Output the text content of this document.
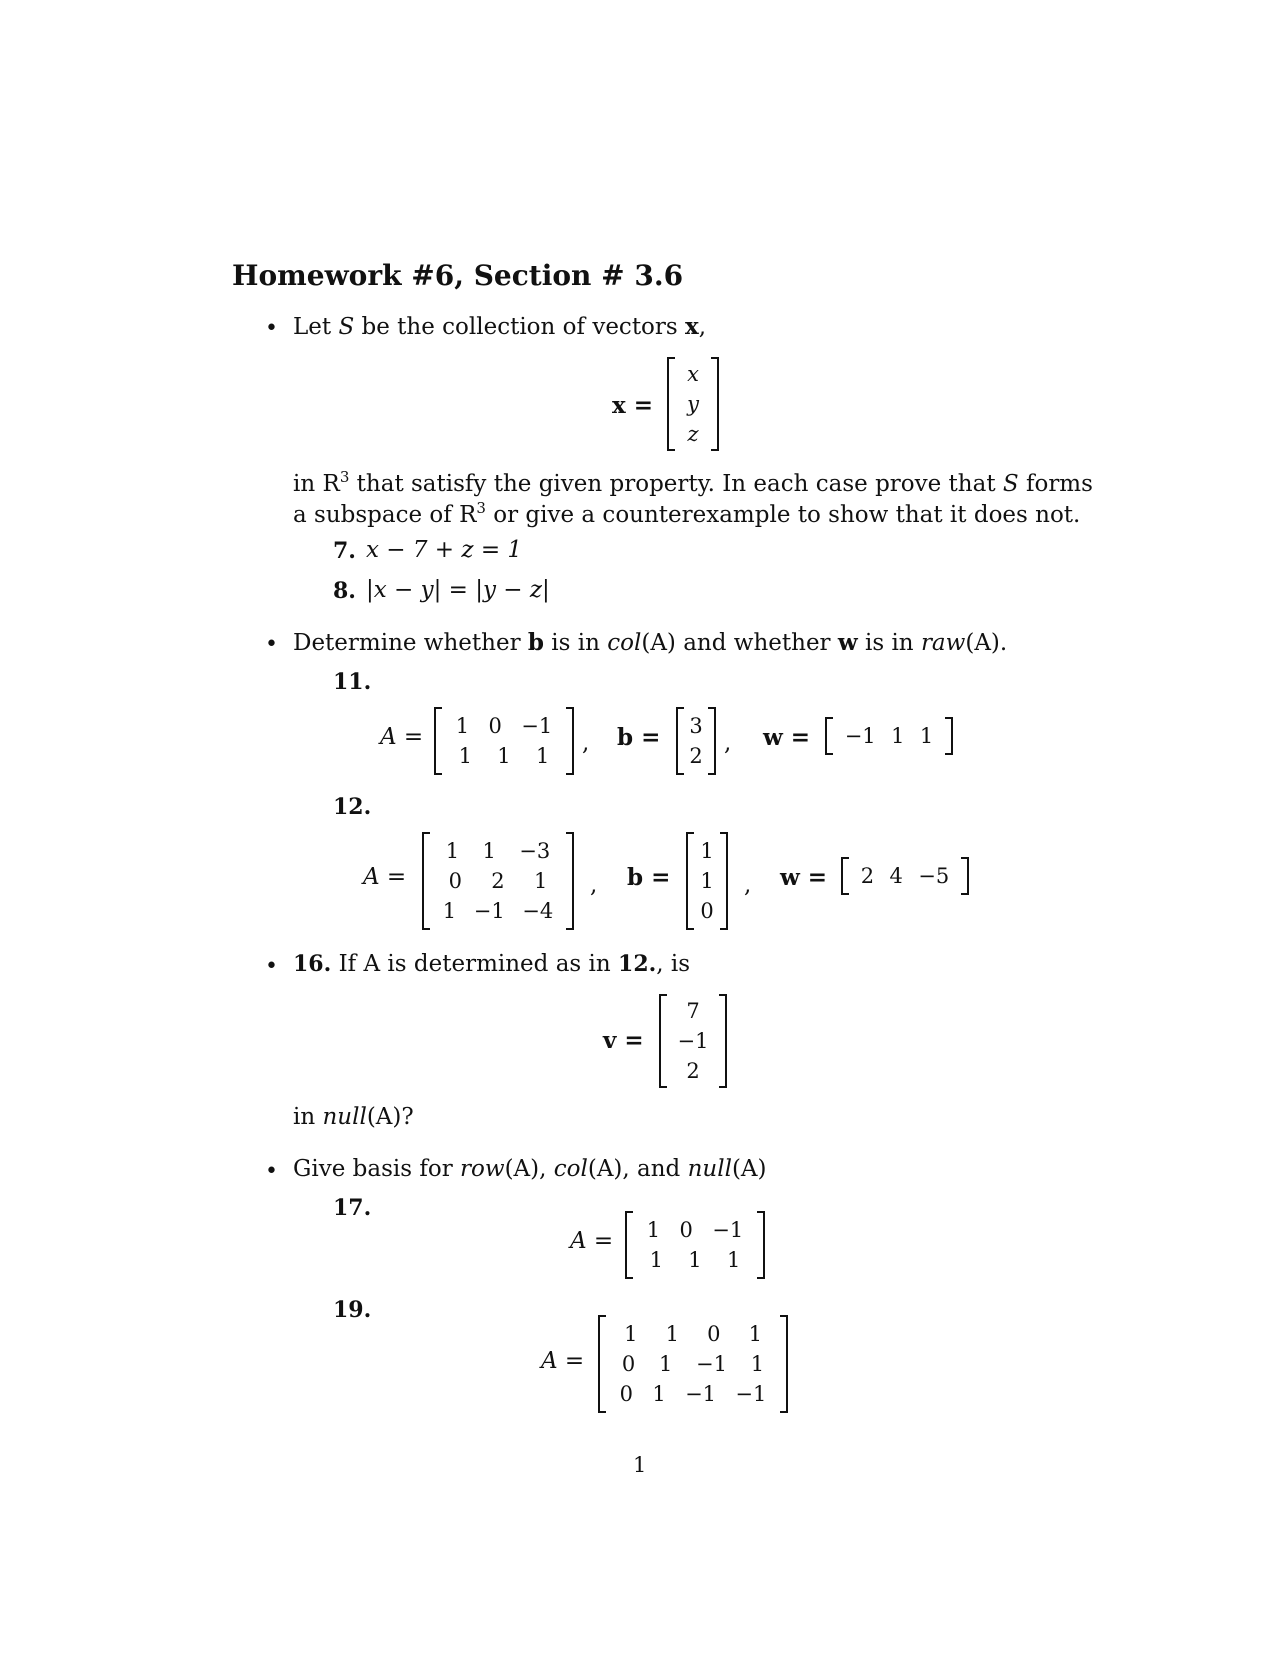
Homework #6, Section # 3.6
• Let S be the collection of vectors x,
x =
x
y
z
in $R^3$ that satisfy the given property. In each case prove that S forms
a subspace of $R^3$ or give a counterexample to show that it does not.
7. x − 7 + z = 1
8. |x − y| = |y − z|
• Determine whether b is in col(A) and whether w is in raw(A).
11.
A = 1 0 −1
1 1 1 , b = 3
2 , w = −1 1 1
12.
A =
1 1 −3
0 2 1
1 −1 −4
, b =
1
1
0
, w = 2 4 −5
• 16. If A is determined as in 12., is
v =
7
−1
2
in null(A)?
• Give basis for row(A), col(A), and null(A)
17.
A = 1 0 −1
1 1 1
19.
A =
1 1 0 1
0 1 −1 1
0 1 −1 −1
1
